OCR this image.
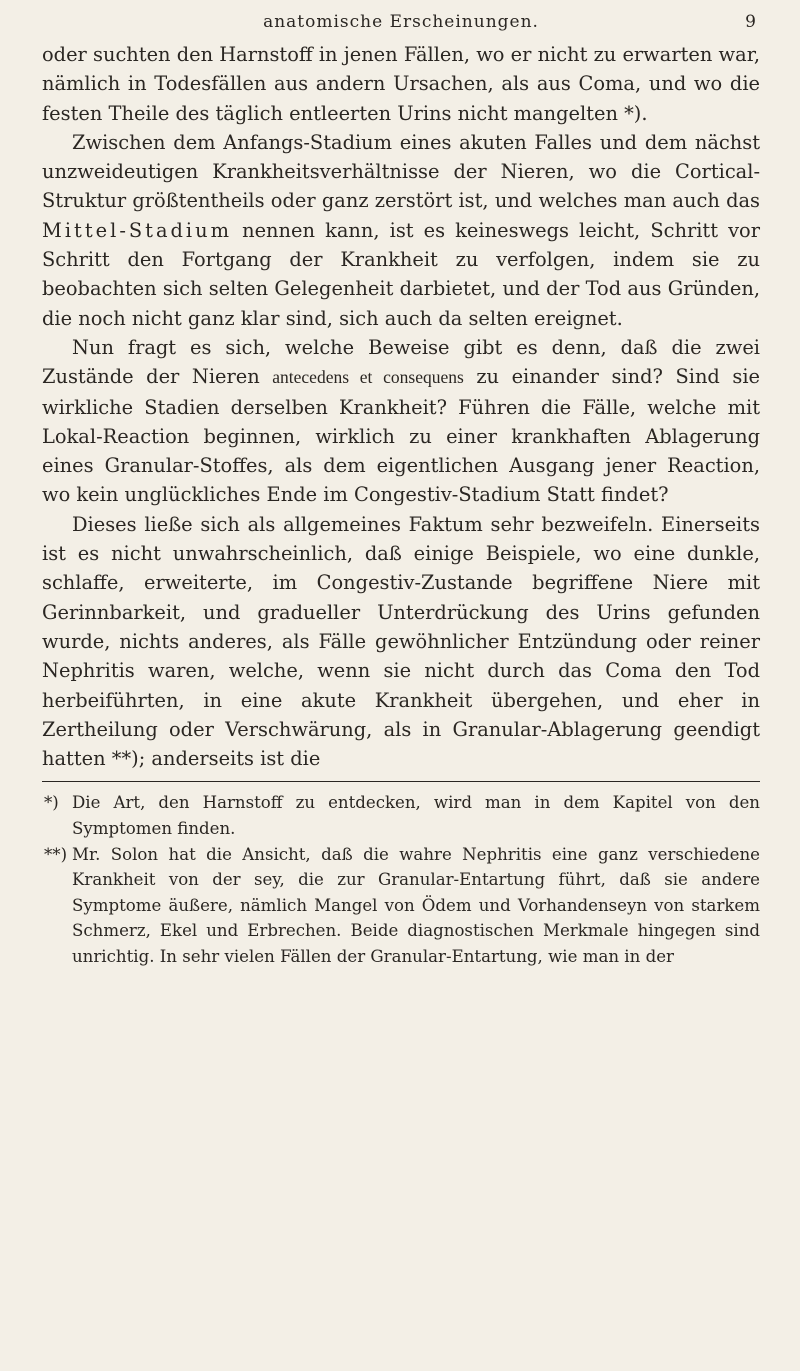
anatomische Erscheinungen.	9

oder suchten den Harnstoff in jenen Fällen, wo er nicht zu erwarten war, nämlich in Todesfällen aus andern Ursachen, als aus Coma, und wo die festen Theile des täglich entleerten Urins nicht mangelten *).

Zwischen dem Anfangs-Stadium eines akuten Falles und dem nächst unzweideutigen Krankheitsverhältnisse der Nieren, wo die Cortical-Struktur größtentheils oder ganz zerstört ist, und welches man auch das Mittel-Stadium nennen kann, ist es keineswegs leicht, Schritt vor Schritt den Fortgang der Krankheit zu verfolgen, indem sie zu beobachten sich selten Gelegenheit darbietet, und der Tod aus Gründen, die noch nicht ganz klar sind, sich auch da selten ereignet.

Nun fragt es sich, welche Beweise gibt es denn, daß die zwei Zustände der Nieren antecedens et consequens zu einander sind? Sind sie wirkliche Stadien derselben Krankheit? Führen die Fälle, welche mit Lokal-Reaction beginnen, wirklich zu einer krankhaften Ablagerung eines Granular-Stoffes, als dem eigentlichen Ausgang jener Reaction, wo kein unglückliches Ende im Congestiv-Stadium Statt findet?

Dieses ließe sich als allgemeines Faktum sehr bezweifeln. Einerseits ist es nicht unwahrscheinlich, daß einige Beispiele, wo eine dunkle, schlaffe, erweiterte, im Congestiv-Zustande begriffene Niere mit Gerinnbarkeit, und gradueller Unterdrückung des Urins gefunden wurde, nichts anderes, als Fälle gewöhnlicher Entzündung oder reiner Nephritis waren, welche, wenn sie nicht durch das Coma den Tod herbeiführten, in eine akute Krankheit übergehen, und eher in Zertheilung oder Verschwärung, als in Granular-Ablagerung geendigt hatten **); anderseits ist die

*) Die Art, den Harnstoff zu entdecken, wird man in dem Kapitel von den Symptomen finden.
**) Mr. Solon hat die Ansicht, daß die wahre Nephritis eine ganz verschiedene Krankheit von der sey, die zur Granular-Entartung führt, daß sie andere Symptome äußere, nämlich Mangel von Ödem und Vorhandenseyn von starkem Schmerz, Ekel und Erbrechen. Beide diagnostischen Merkmale hingegen sind unrichtig. In sehr vielen Fällen der Granular-Entartung, wie man in der
